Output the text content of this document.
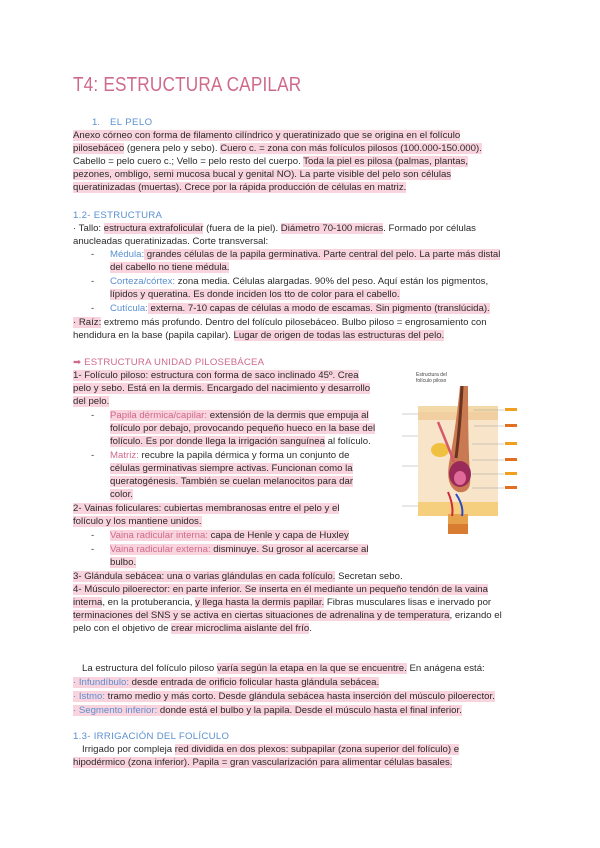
T4: ESTRUCTURA CAPILAR
1. EL PELO
Anexo córneo con forma de filamento cilíndrico y queratinizado que se origina en el folículo
pilosebáceo (genera pelo y sebo). Cuero c. = zona con más folículos pilosos (100.000-150.000).
Cabello = pelo cuero c.; Vello = pelo resto del cuerpo. Toda la piel es pilosa (palmas, plantas,
pezones, ombligo, semi mucosa bucal y genital NO). La parte visible del pelo son células
queratinizadas (muertas). Crece por la rápida producción de células en matriz.
1.2- ESTRUCTURA
· Tallo: estructura extrafolicular (fuera de la piel). Diámetro 70-100 micras. Formado por células
anucleadas queratinizadas. Corte transversal:
- Médula: grandes células de la papila germinativa. Parte central del pelo. La parte más distal
del cabello no tiene médula.
- Corteza/córtex: zona media. Células alargadas. 90% del peso. Aquí están los pigmentos,
lípidos y queratina. Es donde inciden los tto de color para el cabello.
- Cutícula: externa. 7-10 capas de células a modo de escamas. Sin pigmento (translúcida).
· Raíz: extremo más profundo. Dentro del folículo pilosebáceo. Bulbo piloso = engrosamiento con
hendidura en la base (papila capilar). Lugar de origen de todas las estructuras del pelo.
➡ ESTRUCTURA UNIDAD PILOSEBÁCEA
1- Folículo piloso: estructura con forma de saco inclinado 45º. Crea
pelo y sebo. Está en la dermis. Encargado del nacimiento y desarrollo
del pelo.
- Papila dérmica/capilar: extensión de la dermis que empuja al
folículo por debajo, provocando pequeño hueco en la base del
folículo. Es por donde llega la irrigación sanguínea al folículo.
- Matriz: recubre la papila dérmica y forma un conjunto de
células germinativas siempre activas. Funcionan como la
queratogénesis. También se cuelan melanocitos para dar
color.
2- Vainas foliculares: cubiertas membranosas entre el pelo y el
folículo y los mantiene unidos.
- Vaina radicular interna: capa de Henle y capa de Huxley
- Vaina radicular externa: disminuye. Su grosor al acercarse al
bulbo.
3- Glándula sebácea: una o varias glándulas en cada folículo. Secretan sebo.
4- Músculo piloerector: en parte inferior. Se inserta en él mediante un pequeño tendón de la vaina
interna, en la protuberancia, y llega hasta la dermis papilar. Fibras musculares lisas e inervado por
terminaciones del SNS y se activa en ciertas situaciones de adrenalina y de temperatura, erizando el
pelo con el objetivo de crear microclima aislante del frío.
Estructura del
folículo piloso
La estructura del folículo piloso varía según la etapa en la que se encuentre. En anágena está:
· Infundíbulo: desde entrada de orificio folicular hasta glándula sebácea.
· Istmo: tramo medio y más corto. Desde glándula sebácea hasta inserción del músculo piloerector.
· Segmento inferior: donde está el bulbo y la papila. Desde el músculo hasta el final inferior.
1.3- IRRIGACIÓN DEL FOLÍCULO
Irrigado por compleja red dividida en dos plexos: subpapilar (zona superior del folículo) e
hipodérmico (zona inferior). Papila = gran vascularización para alimentar células basales.
